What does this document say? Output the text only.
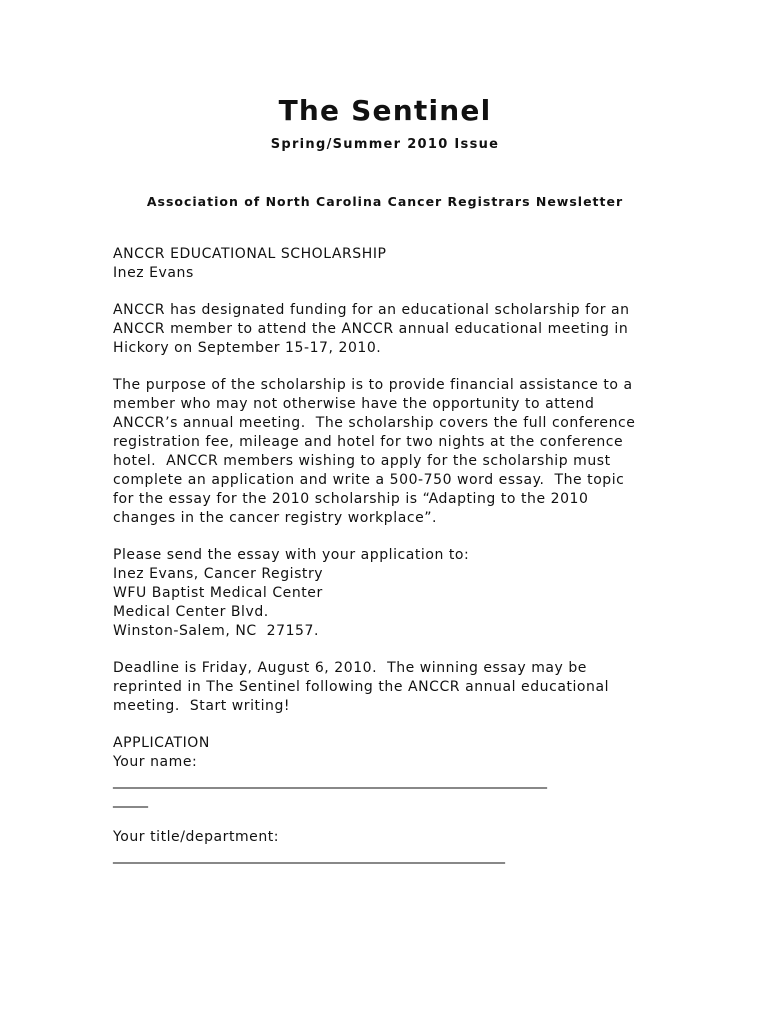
The Sentinel
Spring/Summer 2010 Issue
Association of North Carolina Cancer Registrars Newsletter
ANCCR EDUCATIONAL SCHOLARSHIP
Inez Evans
ANCCR has designated funding for an educational scholarship for an
ANCCR member to attend the ANCCR annual educational meeting in
Hickory on September 15-17, 2010.
The purpose of the scholarship is to provide financial assistance to a
member who may not otherwise have the opportunity to attend
ANCCR’s annual meeting.  The scholarship covers the full conference
registration fee, mileage and hotel for two nights at the conference
hotel.  ANCCR members wishing to apply for the scholarship must
complete an application and write a 500-750 word essay.  The topic
for the essay for the 2010 scholarship is “Adapting to the 2010
changes in the cancer registry workplace”.
Please send the essay with your application to:
Inez Evans, Cancer Registry
WFU Baptist Medical Center
Medical Center Blvd.
Winston-Salem, NC  27157.
Deadline is Friday, August 6, 2010.  The winning essay may be
reprinted in The Sentinel following the ANCCR annual educational
meeting.  Start writing!
APPLICATION
Your name:
______________________________________________________________
_____
Your title/department:
________________________________________________________
